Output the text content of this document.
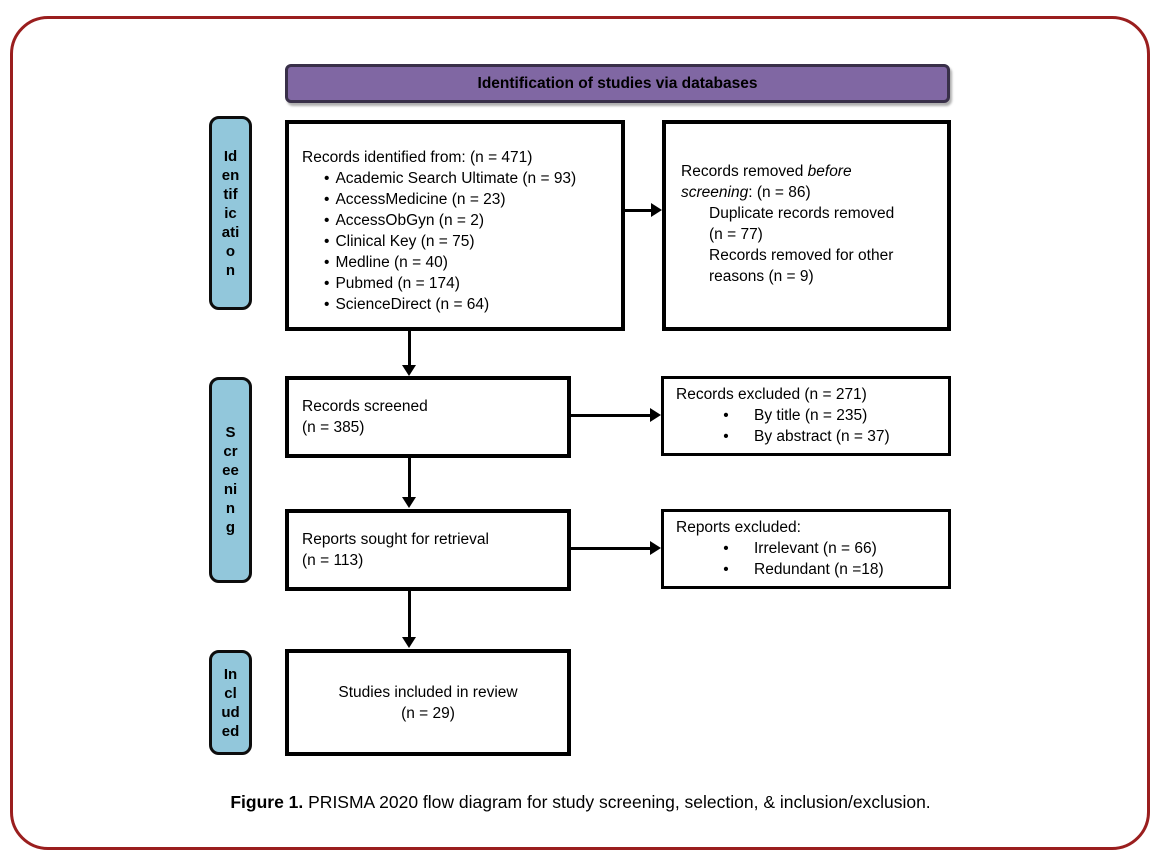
Identification of studies via databases
Id
en
tif
ic
ati
o
n
S
cr
ee
ni
n
g
In
cl
ud
ed
Records identified from: (n = 471)
• Academic Search Ultimate (n = 93)
• AccessMedicine (n = 23)
• AccessObGyn (n = 2)
• Clinical Key (n = 75)
• Medline (n = 40)
• Pubmed (n = 174)
• ScienceDirect (n = 64)
Records removed before screening: (n = 86)
Duplicate records removed (n = 77)
Records removed for other reasons (n = 9)
Records screened
(n = 385)
Records excluded (n = 271)
• By title (n = 235)
• By abstract (n = 37)
Reports sought for retrieval
(n = 113)
Reports excluded:
• Irrelevant (n = 66)
• Redundant (n =18)
Studies included in review
(n = 29)
Figure 1. PRISMA 2020 flow diagram for study screening, selection, & inclusion/exclusion.
